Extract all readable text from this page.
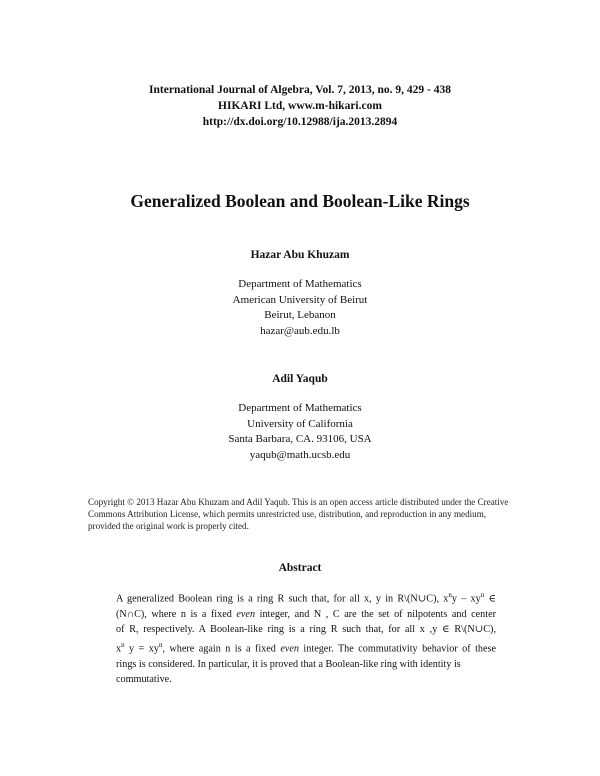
International Journal of Algebra, Vol. 7, 2013, no. 9, 429 - 438
HIKARI Ltd, www.m-hikari.com
http://dx.doi.org/10.12988/ija.2013.2894
Generalized Boolean and Boolean-Like Rings
Hazar Abu Khuzam
Department of Mathematics
American University of Beirut
Beirut, Lebanon
hazar@aub.edu.lb
Adil Yaqub
Department of Mathematics
University of California
Santa Barbara, CA. 93106, USA
yaqub@math.ucsb.edu
Copyright © 2013 Hazar Abu Khuzam and Adil Yaqub. This is an open access article distributed under the Creative Commons Attribution License, which permits unrestricted use, distribution, and reproduction in any medium, provided the original work is properly cited.
Abstract
A generalized Boolean ring is a ring R such that, for all x, y in R\(N∪C), $x^ny - xy^n$ ∈
(N∩C), where n is a fixed even integer, and N , C are the set of nilpotents and center
of R, respectively. A Boolean-like ring is a ring R such that, for all x ,y ∈ R\(N∪C),
$x^n$ $y = xy^n$, where again n is a fixed even integer. The commutativity behavior of these
rings is considered. In particular, it is proved that a Boolean-like ring with identity is
commutative.
